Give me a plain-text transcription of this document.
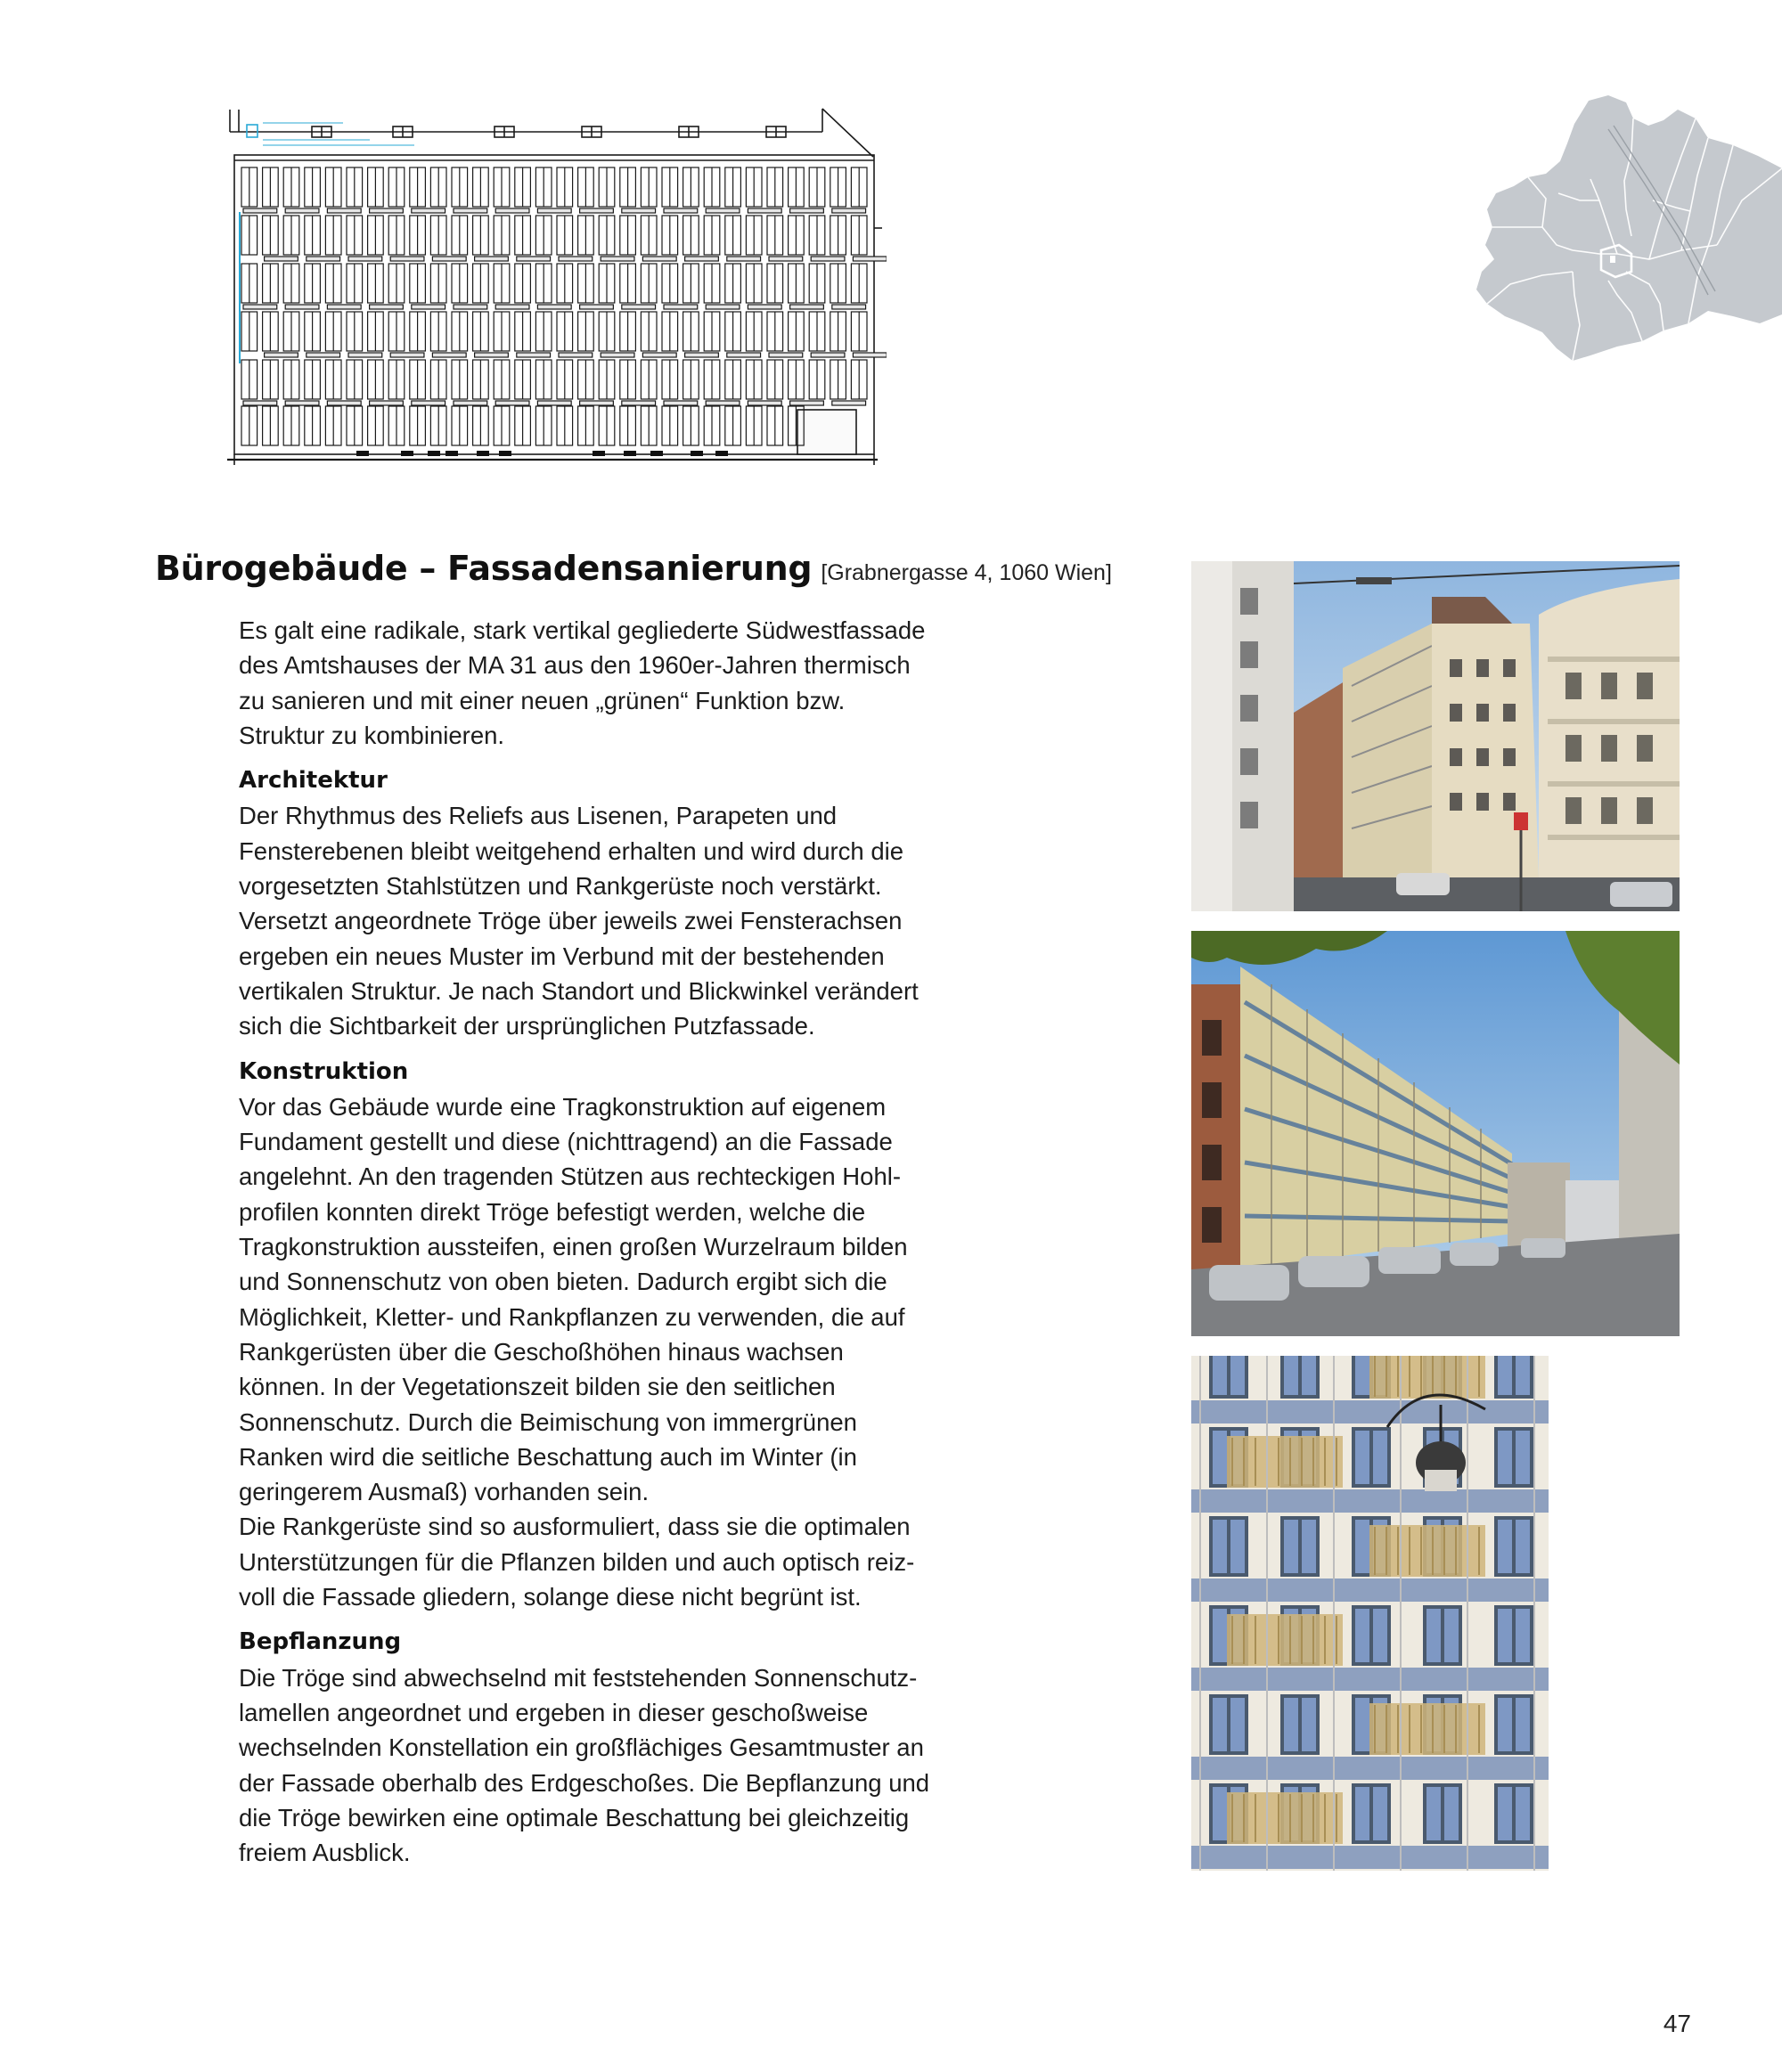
Bürogebäude – Fassadensanierung [Grabnergasse 4, 1060 Wien]

Es galt eine radikale, stark vertikal gegliederte Südwestfassade des Amtshauses der MA 31 aus den 1960er-Jahren thermisch zu sanieren und mit einer neuen „grünen“ Funktion bzw. Struktur zu kombinieren.

Architektur

Der Rhythmus des Reliefs aus Lisenen, Parapeten und Fensterebenen bleibt weitgehend erhalten und wird durch die vorgesetzten Stahlstützen und Rankgerüste noch verstärkt. Versetzt angeordnete Tröge über jeweils zwei Fensterachsen ergeben ein neues Muster im Verbund mit der bestehenden vertikalen Struktur. Je nach Standort und Blickwinkel verändert sich die Sichtbarkeit der ursprünglichen Putzfassade.

Konstruktion

Vor das Gebäude wurde eine Tragkonstruktion auf eigenem Fundament gestellt und diese (nichttragend) an die Fassade angelehnt. An den tragenden Stützen aus rechteckigen Hohlprofilen konnten direkt Tröge befestigt werden, welche die Tragkonstruktion aussteifen, einen großen Wurzelraum bilden und Sonnenschutz von oben bieten. Dadurch ergibt sich die Möglichkeit, Kletter- und Rankpflanzen zu verwenden, die auf Rankgerüsten über die Geschoßhöhen hinaus wachsen können. In der Vegetationszeit bilden sie den seitlichen Sonnenschutz. Durch die Beimischung von immergrünen Ranken wird die seitliche Beschattung auch im Winter (in geringerem Ausmaß) vorhanden sein.

Die Rankgerüste sind so ausformuliert, dass sie die optimalen Unterstützungen für die Pflanzen bilden und auch optisch reizvoll die Fassade gliedern, solange diese nicht begrünt ist.

Bepflanzung

Die Tröge sind abwechselnd mit feststehenden Sonnenschutzlamellen angeordnet und ergeben in dieser geschoßweise wechselnden Konstellation ein großflächiges Gesamtmuster an der Fassade oberhalb des Erdgeschoßes. Die Bepflanzung und die Tröge bewirken eine optimale Beschattung bei gleichzeitig freiem Ausblick.

47
